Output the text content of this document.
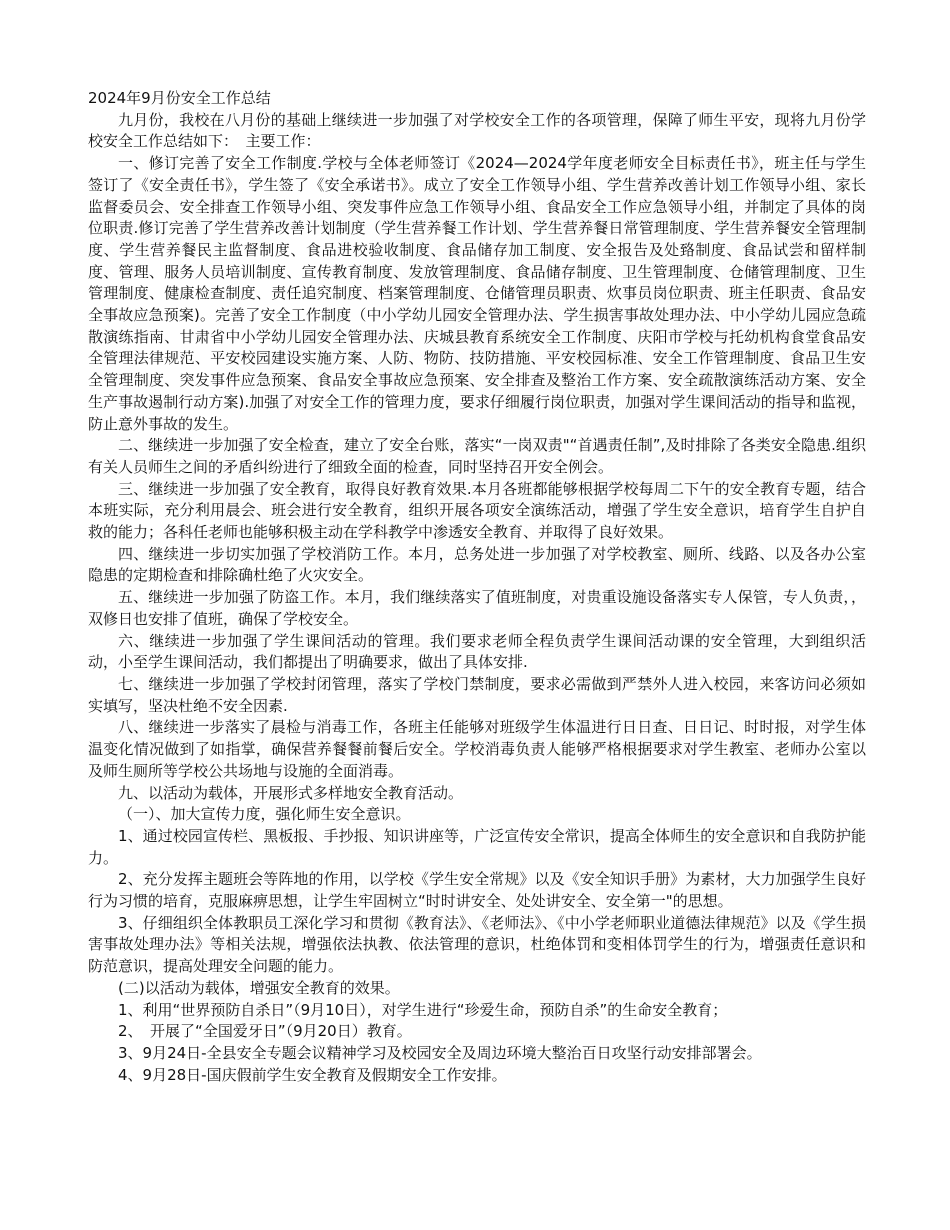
2024年9月份安全工作总结

九月份，我校在八月份的基础上继续进一步加强了对学校安全工作的各项管理，保障了师生平安，现将九月份学校安全工作总结如下：　主要工作：

一、修订完善了安全工作制度.学校与全体老师签订《2024—2024学年度老师安全目标责任书》，班主任与学生签订了《安全责任书》，学生签了《安全承诺书》。成立了安全工作领导小组、学生营养改善计划工作领导小组、家长监督委员会、安全排查工作领导小组、突发事件应急工作领导小组、食品安全工作应急领导小组，并制定了具体的岗位职责.修订完善了学生营养改善计划制度（学生营养餐工作计划、学生营养餐日常管理制度、学生营养餐安全管理制度、学生营养餐民主监督制度、食品进校验收制度、食品储存加工制度、安全报告及处臵制度、食品试尝和留样制度、管理、服务人员培训制度、宣传教育制度、发放管理制度、食品储存制度、卫生管理制度、仓储管理制度、卫生管理制度、健康检查制度、责任追究制度、档案管理制度、仓储管理员职责、炊事员岗位职责、班主任职责、食品安全事故应急预案)。完善了安全工作制度（中小学幼儿园安全管理办法、学生损害事故处理办法、中小学幼儿园应急疏散演练指南、甘肃省中小学幼儿园安全管理办法、庆城县教育系统安全工作制度、庆阳市学校与托幼机构食堂食品安全管理法律规范、平安校园建设实施方案、人防、物防、技防措施、平安校园标准、安全工作管理制度、食品卫生安全管理制度、突发事件应急预案、食品安全事故应急预案、安全排查及整治工作方案、安全疏散演练活动方案、安全生产事故遏制行动方案).加强了对安全工作的管理力度，要求仔细履行岗位职责，加强对学生课间活动的指导和监视，防止意外事故的发生。

二、继续进一步加强了安全检查，建立了安全台账，落实“一岗双责"“首遇责任制”,及时排除了各类安全隐患.组织有关人员师生之间的矛盾纠纷进行了细致全面的检查，同时坚持召开安全例会。

三、继续进一步加强了安全教育，取得良好教育效果.本月各班都能够根据学校每周二下午的安全教育专题，结合本班实际，充分利用晨会、班会进行安全教育，组织开展各项安全演练活动，增强了学生安全意识，培育学生自护自救的能力；各科任老师也能够积极主动在学科教学中渗透安全教育、并取得了良好效果。

四、继续进一步切实加强了学校消防工作。本月，总务处进一步加强了对学校教室、厕所、线路、以及各办公室隐患的定期检查和排除确杜绝了火灾安全。

五、继续进一步加强了防盗工作。本月，我们继续落实了值班制度，对贵重设施设备落实专人保管，专人负责，，双修日也安排了值班，确保了学校安全。

六、继续进一步加强了学生课间活动的管理。我们要求老师全程负责学生课间活动课的安全管理，大到组织活动，小至学生课间活动，我们都提出了明确要求，做出了具体安排.

七、继续进一步加强了学校封闭管理，落实了学校门禁制度，要求必需做到严禁外人进入校园，来客访问必须如实填写，坚决杜绝不安全因素.

八、继续进一步落实了晨检与消毒工作，各班主任能够对班级学生体温进行日日查、日日记、时时报，对学生体温变化情况做到了如指掌，确保营养餐餐前餐后安全。学校消毒负责人能够严格根据要求对学生教室、老师办公室以及师生厕所等学校公共场地与设施的全面消毒。

九、以活动为载体，开展形式多样地安全教育活动。

（一）、加大宣传力度，强化师生安全意识。

1、通过校园宣传栏、黑板报、手抄报、知识讲座等，广泛宣传安全常识，提高全体师生的安全意识和自我防护能力。

2、充分发挥主题班会等阵地的作用，以学校《学生安全常规》以及《安全知识手册》为素材，大力加强学生良好行为习惯的培育，克服麻痹思想，让学生牢固树立“时时讲安全、处处讲安全、安全第一"的思想。

3、仔细组织全体教职员工深化学习和贯彻《教育法》、《老师法》、《中小学老师职业道德法律规范》以及《学生损害事故处理办法》等相关法规，增强依法执教、依法管理的意识，杜绝体罚和变相体罚学生的行为，增强责任意识和防范意识，提高处理安全问题的能力。

(二)以活动为载体，增强安全教育的效果。

1、利用“世界预防自杀日”（9月10日），对学生进行“珍爱生命，预防自杀”的生命安全教育；

2、　开展了“全国爱牙日”（9月20日）教育。

3、9月24日-全县安全专题会议精神学习及校园安全及周边环境大整治百日攻坚行动安排部署会。

4、9月28日-国庆假前学生安全教育及假期安全工作安排。
